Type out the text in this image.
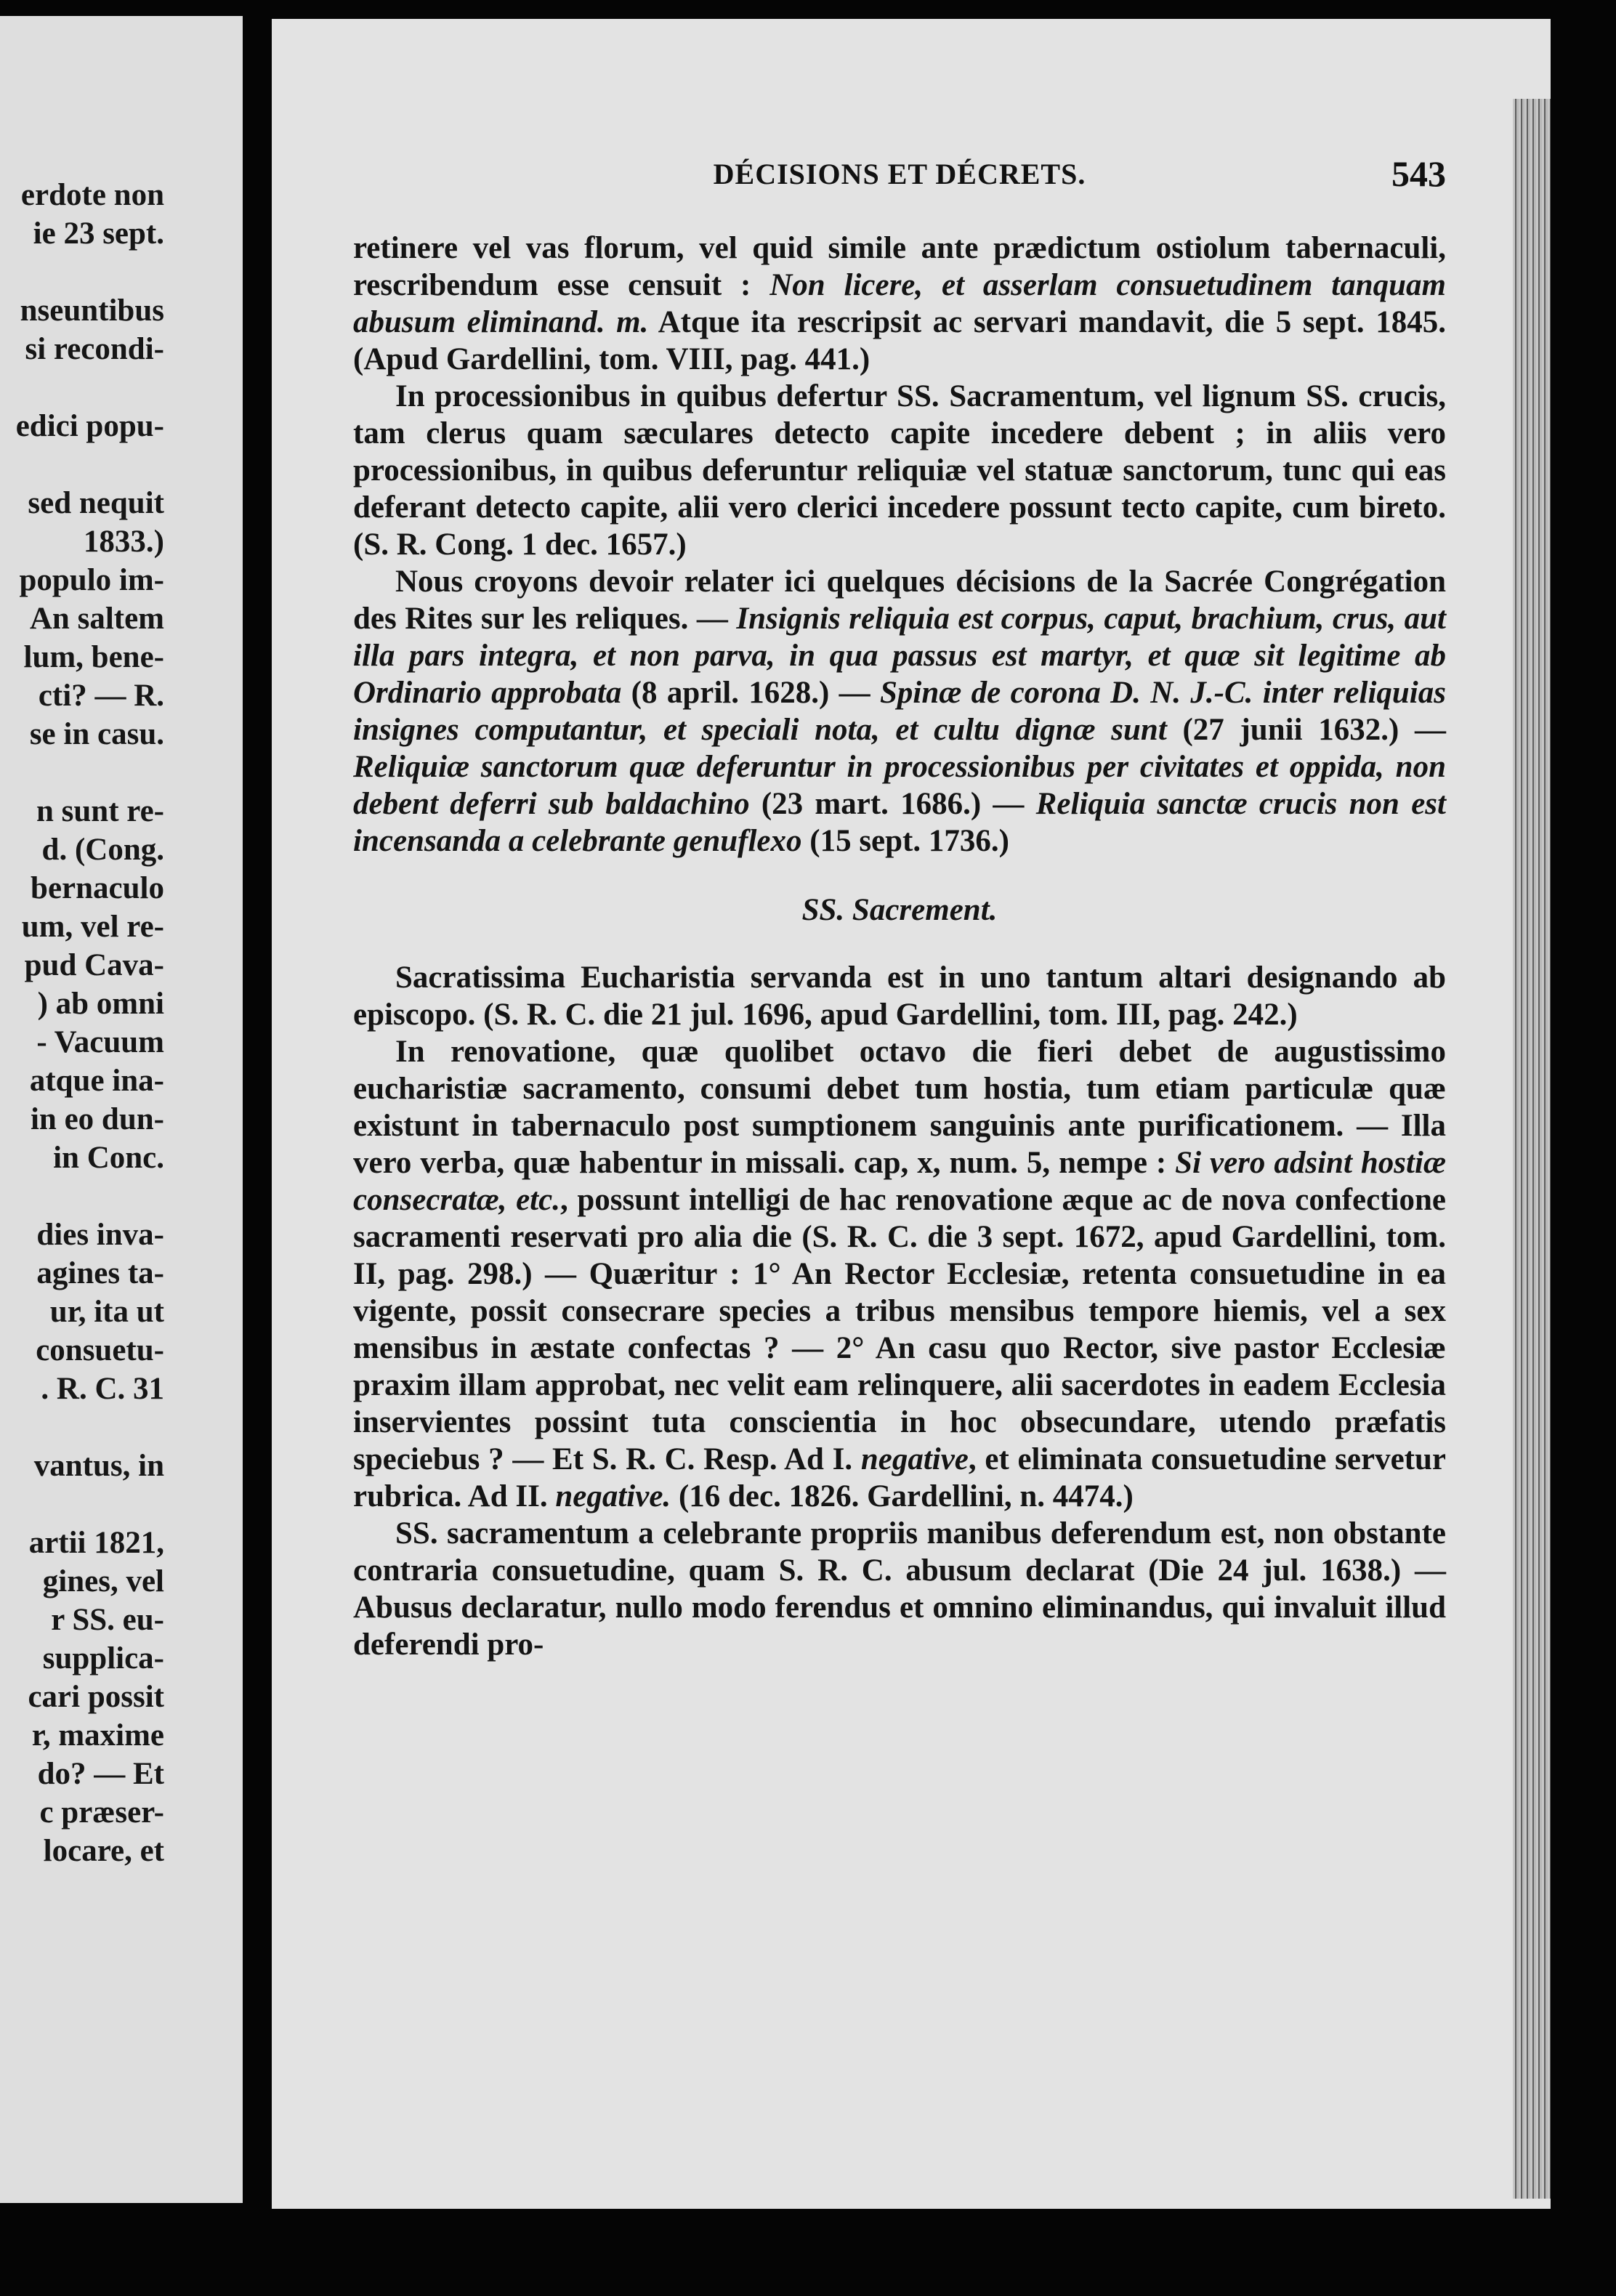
erdote non
ie 23 sept.

nseuntibus
si recondi-

edici popu-

sed nequit
1833.)
populo im-
An saltem
lum, bene-
cti? — R.
se in casu.

n sunt re-
d. (Cong.
bernaculo
um, vel re-
pud Cava-
) ab omni
- Vacuum
atque ina-
in eo dun-
in Conc.

dies inva-
agines ta-
ur, ita ut
consuetu-
. R. C. 31

vantus, in

artii 1821,
gines, vel
r SS. eu-
supplica-
cari possit
r, maxime
do? — Et
c præser-
locare, et
DÉCISIONS ET DÉCRETS.	543

retinere vel vas florum, vel quid simile ante prædictum ostiolum tabernaculi, rescribendum esse censuit : Non licere, et asserlam consuetudinem tanquam abusum eliminand. m. Atque ita rescripsit ac servari mandavit, die 5 sept. 1845. (Apud Gardellini, tom. VIII, pag. 441.)

In processionibus in quibus defertur SS. Sacramentum, vel lignum SS. crucis, tam clerus quam sæculares detecto capite incedere debent ; in aliis vero processionibus, in quibus deferuntur reliquiæ vel statuæ sanctorum, tunc qui eas deferant detecto capite, alii vero clerici incedere possunt tecto capite, cum bireto. (S. R. Cong. 1 dec. 1657.)

Nous croyons devoir relater ici quelques décisions de la Sacrée Congrégation des Rites sur les reliques. — Insignis reliquia est corpus, caput, brachium, crus, aut illa pars integra, et non parva, in qua passus est martyr, et quæ sit legitime ab Ordinario approbata (8 april. 1628.) — Spinæ de corona D. N. J.-C. inter reliquias insignes computantur, et speciali nota, et cultu dignæ sunt (27 junii 1632.) —Reliquiæ sanctorum quæ deferuntur in processionibus per civitates et oppida, non debent deferri sub baldachino (23 mart. 1686.) — Reliquia sanctæ crucis non est incensanda a celebrante genuflexo (15 sept. 1736.)

SS. Sacrement.

Sacratissima Eucharistia servanda est in uno tantum altari designando ab episcopo. (S. R. C. die 21 jul. 1696, apud Gardellini, tom. III, pag. 242.)

In renovatione, quæ quolibet octavo die fieri debet de augustissimo eucharistiæ sacramento, consumi debet tum hostia, tum etiam particulæ quæ existunt in tabernaculo post sumptionem sanguinis ante purificationem. — Illa vero verba, quæ habentur in missali. cap, x, num. 5, nempe : Si vero adsint hostiæ consecratæ, etc., possunt intelligi de hac renovatione æque ac de nova confectione sacramenti reservati pro alia die (S. R. C. die 3 sept. 1672, apud Gardellini, tom. II, pag. 298.) — Quæritur : 1° An Rector Ecclesiæ, retenta consuetudine in ea vigente, possit consecrare species a tribus mensibus tempore hiemis, vel a sex mensibus in æstate confectas ? — 2° An casu quo Rector, sive pastor Ecclesiæ praxim illam approbat, nec velit eam relinquere, alii sacerdotes in eadem Ecclesia inservientes possint tuta conscientia in hoc obsecundare, utendo præfatis speciebus ? — Et S. R. C. Resp. Ad I. negative, et eliminata consuetudine servetur rubrica. Ad II. negative. (16 dec. 1826. Gardellini, n. 4474.)

SS. sacramentum a celebrante propriis manibus deferendum est, non obstante contraria consuetudine, quam S. R. C. abusum declarat (Die 24 jul. 1638.) — Abusus declaratur, nullo modo ferendus et omnino eliminandus, qui invaluit illud deferendi pro-
